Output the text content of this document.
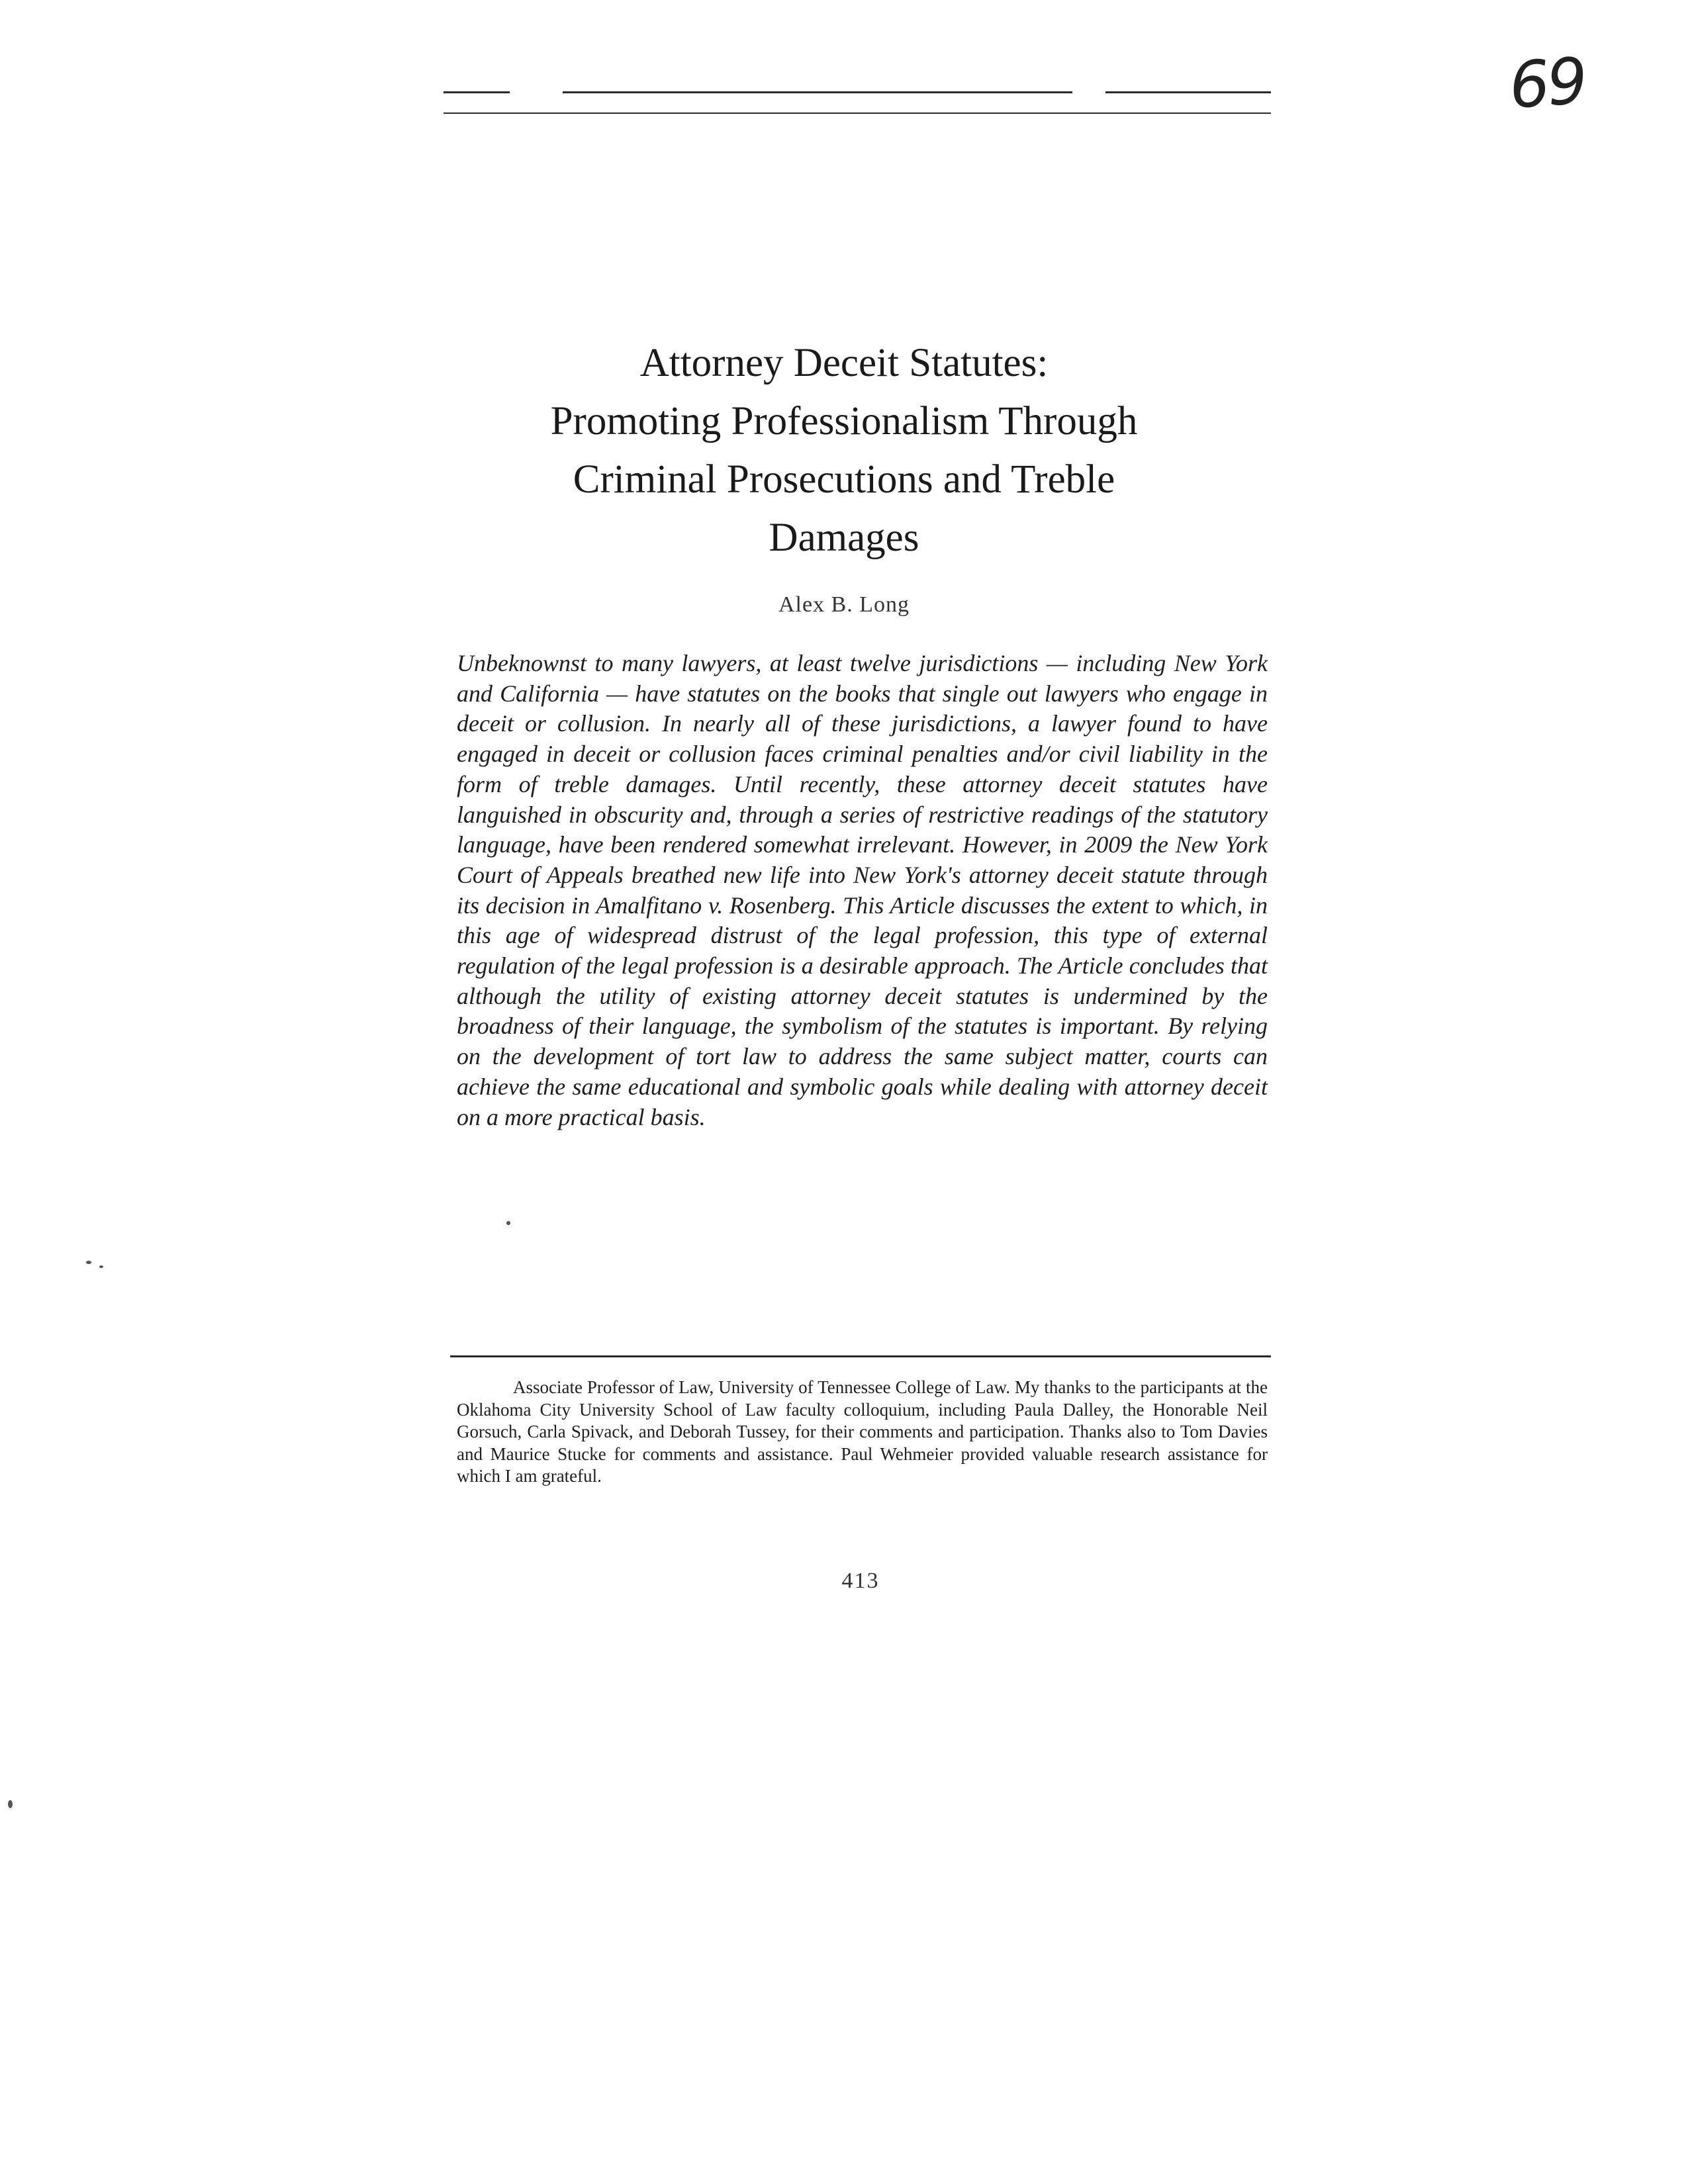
69
Attorney Deceit Statutes:
Promoting Professionalism Through
Criminal Prosecutions and Treble
Damages
Alex B. Long

Unbeknownst to many lawyers, at least twelve jurisdictions — including New York and California — have statutes on the books that single out lawyers who engage in deceit or collusion. In nearly all of these jurisdictions, a lawyer found to have engaged in deceit or collusion faces criminal penalties and/or civil liability in the form of treble damages. Until recently, these attorney deceit statutes have languished in obscurity and, through a series of restrictive readings of the statutory language, have been rendered somewhat irrelevant. However, in 2009 the New York Court of Appeals breathed new life into New York's attorney deceit statute through its decision in Amalfitano v. Rosenberg. This Article discusses the extent to which, in this age of widespread distrust of the legal profession, this type of external regulation of the legal profession is a desirable approach. The Article concludes that although the utility of existing attorney deceit statutes is undermined by the broadness of their language, the symbolism of the statutes is important. By relying on the development of tort law to address the same subject matter, courts can achieve the same educational and symbolic goals while dealing with attorney deceit on a more practical basis.

Associate Professor of Law, University of Tennessee College of Law. My thanks to the participants at the Oklahoma City University School of Law faculty colloquium, including Paula Dalley, the Honorable Neil Gorsuch, Carla Spivack, and Deborah Tussey, for their comments and participation. Thanks also to Tom Davies and Maurice Stucke for comments and assistance. Paul Wehmeier provided valuable research assistance for which I am grateful.

413
